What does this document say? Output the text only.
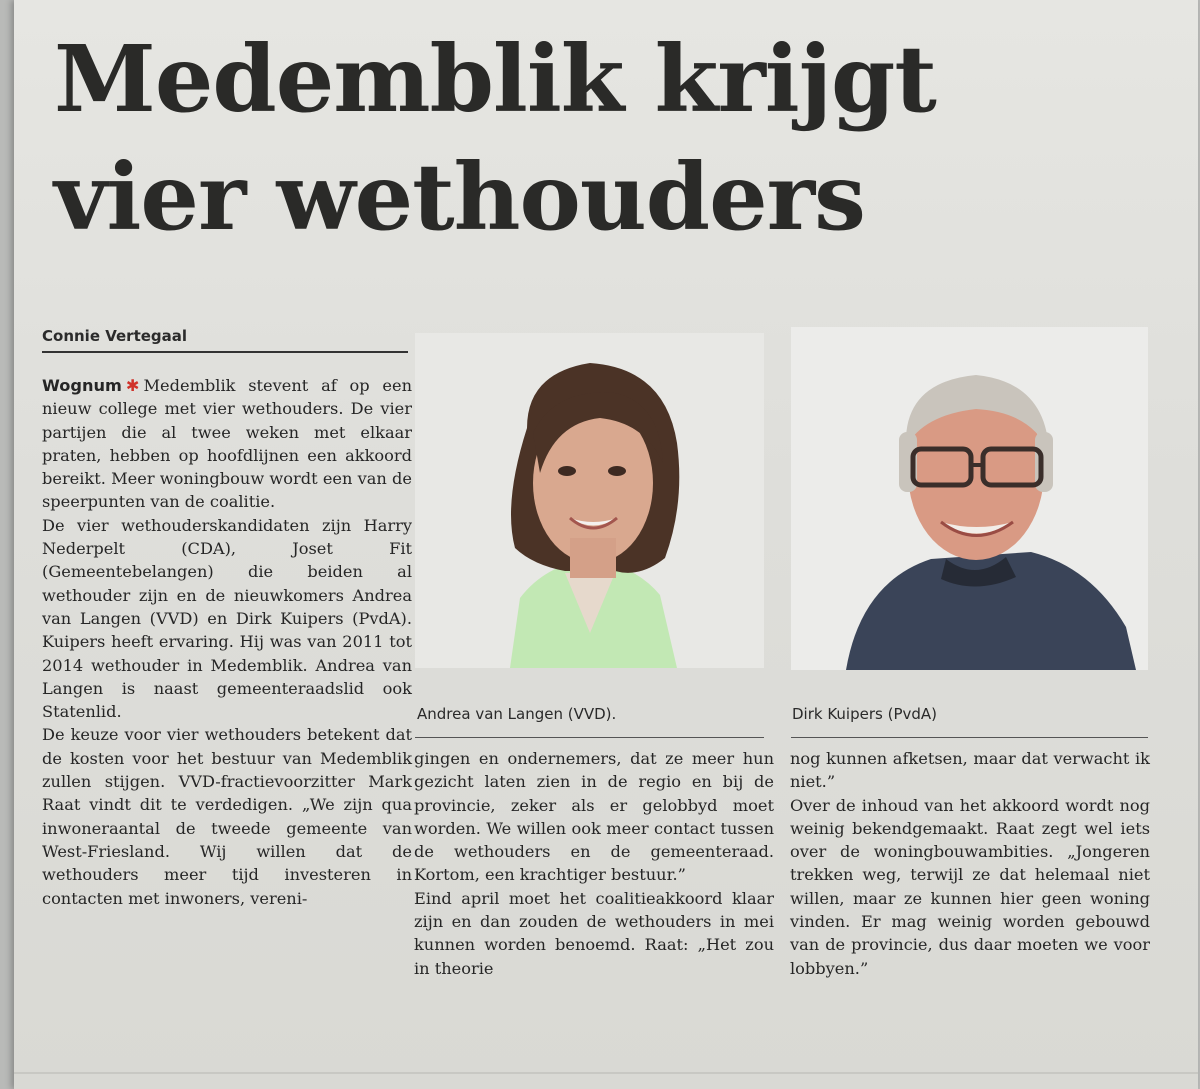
Medemblik krijgt
vier wethouders
Connie Vertegaal

Wognum ✱ Medemblik stevent af op een nieuw college met vier wethouders. De vier partijen die al twee weken met elkaar praten, hebben op hoofdlijnen een akkoord bereikt. Meer woningbouw wordt een van de speerpunten van de coalitie.

De vier wethouderskandidaten zijn Harry Nederpelt (CDA), Joset Fit (Gemeentebelangen) die beiden al wethouder zijn en de nieuwkomers Andrea van Langen (VVD) en Dirk Kuipers (PvdA). Kuipers heeft ervaring. Hij was van 2011 tot 2014 wethouder in Medemblik. Andrea van Langen is naast gemeenteraadslid ook Statenlid.

De keuze voor vier wethouders betekent dat de kosten voor het bestuur van Medemblik zullen stijgen. VVD-fractievoorzitter Mark Raat vindt dit te verdedigen. „We zijn qua inwoneraantal de tweede gemeente van West-Friesland. Wij willen dat de wethouders meer tijd investeren in contacten met inwoners, vereni-

Andrea van Langen (VVD).	Dirk Kuipers (PvdA)

gingen en ondernemers, dat ze meer hun gezicht laten zien in de regio en bij de provincie, zeker als er gelobbyd moet worden. We willen ook meer contact tussen de wethouders en de gemeenteraad. Kortom, een krachtiger bestuur.”

Eind april moet het coalitieakkoord klaar zijn en dan zouden de wethouders in mei kunnen worden benoemd. Raat: „Het zou in theorie

nog kunnen afketsen, maar dat verwacht ik niet.”

Over de inhoud van het akkoord wordt nog weinig bekendgemaakt. Raat zegt wel iets over de woningbouwambities. „Jongeren trekken weg, terwijl ze dat helemaal niet willen, maar ze kunnen hier geen woning vinden. Er mag weinig worden gebouwd van de provincie, dus daar moeten we voor lobbyen.”
